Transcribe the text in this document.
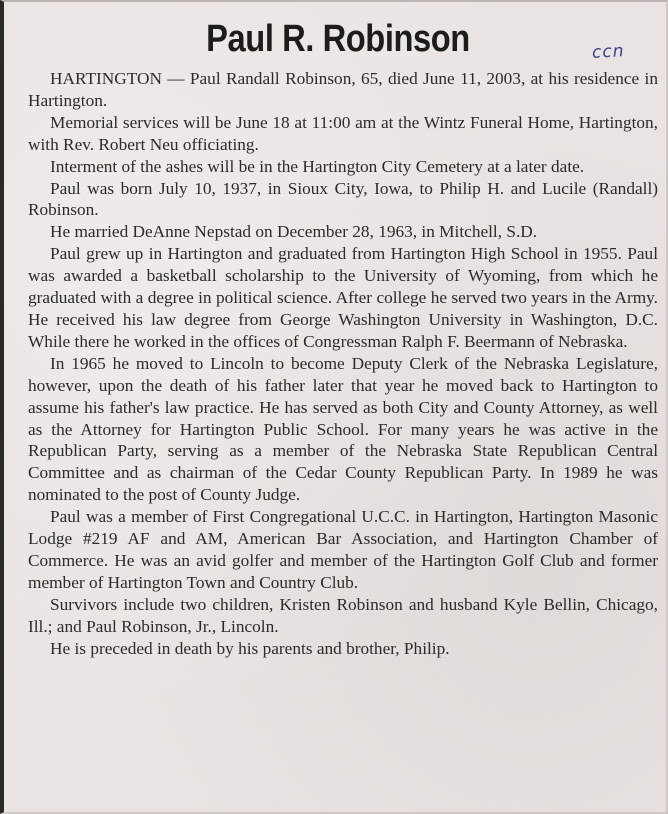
Paul R. Robinson	ccn

HARTINGTON — Paul Randall Robinson, 65, died June 11, 2003, at his residence in Hartington.

Memorial services will be June 18 at 11:00 am at the Wintz Funeral Home, Hartington, with Rev. Robert Neu officiating.

Interment of the ashes will be in the Hartington City Cemetery at a later date.

Paul was born July 10, 1937, in Sioux City, Iowa, to Philip H. and Lucile (Randall) Robinson.

He married DeAnne Nepstad on December 28, 1963, in Mitchell, S.D.

Paul grew up in Hartington and graduated from Hartington High School in 1955. Paul was awarded a basketball scholarship to the University of Wyoming, from which he graduated with a degree in political science. After college he served two years in the Army. He received his law degree from George Washington University in Washington, D.C. While there he worked in the offices of Congressman Ralph F. Beermann of Nebraska.

In 1965 he moved to Lincoln to become Deputy Clerk of the Nebraska Legislature, however, upon the death of his father later that year he moved back to Hartington to assume his father's law practice. He has served as both City and County Attorney, as well as the Attorney for Hartington Public School. For many years he was active in the Republican Party, serving as a member of the Nebraska State Republican Central Committee and as chairman of the Cedar County Republican Party. In 1989 he was nominated to the post of County Judge.

Paul was a member of First Congregational U.C.C. in Hartington, Hartington Masonic Lodge #219 AF and AM, American Bar Association, and Hartington Chamber of Commerce. He was an avid golfer and member of the Hartington Golf Club and former member of Hartington Town and Country Club.

Survivors include two children, Kristen Robinson and husband Kyle Bellin, Chicago, Ill.; and Paul Robinson, Jr., Lincoln.

He is preceded in death by his parents and brother, Philip.
